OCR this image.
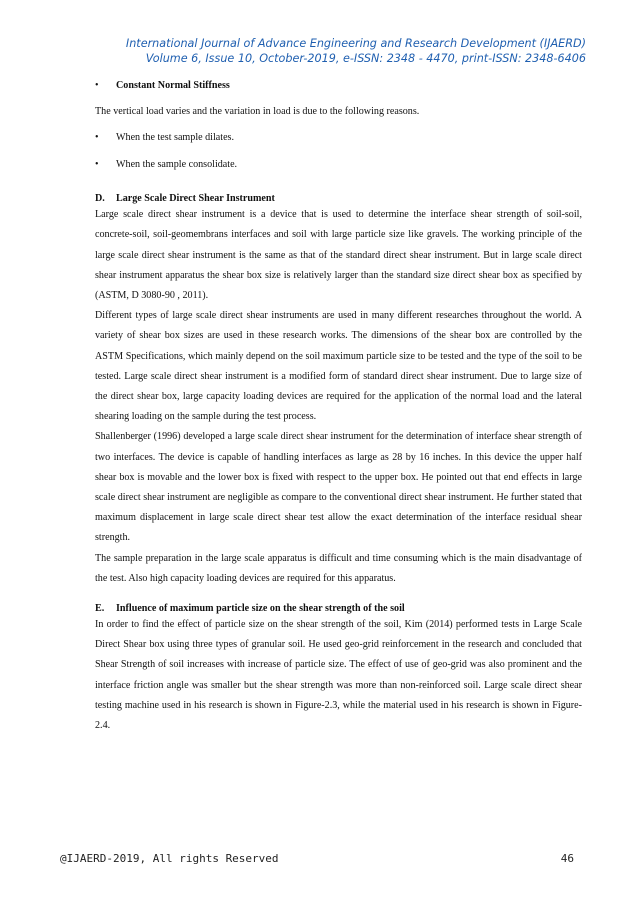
International Journal of Advance Engineering and Research Development (IJAERD)
Volume 6, Issue 10, October-2019, e-ISSN: 2348 - 4470, print-ISSN: 2348-6406
•	Constant Normal Stiffness

The vertical load varies and the variation in load is due to the following reasons.

•	When the test sample dilates.
•	When the sample consolidate.

D. Large Scale Direct Shear Instrument

Large scale direct shear instrument is a device that is used to determine the interface shear strength of soil-soil, concrete-soil, soil-geomembrans interfaces and soil with large particle size like gravels. The working principle of the large scale direct shear instrument is the same as that of the standard direct shear instrument. But in large scale direct shear instrument apparatus the shear box size is relatively larger than the standard size direct shear box as specified by (ASTM, D 3080-90 , 2011).

Different types of large scale direct shear instruments are used in many different researches throughout the world. A variety of shear box sizes are used in these research works. The dimensions of the shear box are controlled by the ASTM Specifications, which mainly depend on the soil maximum particle size to be tested and the type of the soil to be tested. Large scale direct shear instrument is a modified form of standard direct shear instrument. Due to large size of the direct shear box, large capacity loading devices are required for the application of the normal load and the lateral shearing loading on the sample during the test process.

Shallenberger (1996) developed a large scale direct shear instrument for the determination of interface shear strength of two interfaces. The device is capable of handling interfaces as large as 28 by 16 inches. In this device the upper half shear box is movable and the lower box is fixed with respect to the upper box. He pointed out that end effects in large scale direct shear instrument are negligible as compare to the conventional direct shear instrument. He further stated that maximum displacement in large scale direct shear test allow the exact determination of the interface residual shear strength.

The sample preparation in the large scale apparatus is difficult and time consuming which is the main disadvantage of the test. Also high capacity loading devices are required for this apparatus.

E. Influence of maximum particle size on the shear strength of the soil

In order to find the effect of particle size on the shear strength of the soil, Kim (2014) performed tests in Large Scale Direct Shear box using three types of granular soil. He used geo-grid reinforcement in the research and concluded that Shear Strength of soil increases with increase of particle size. The effect of use of geo-grid was also prominent and the interface friction angle was smaller but the shear strength was more than non-reinforced soil. Large scale direct shear testing machine used in his research is shown in Figure-2.3, while the material used in his research is shown in Figure-2.4.

@IJAERD-2019, All rights Reserved	46
